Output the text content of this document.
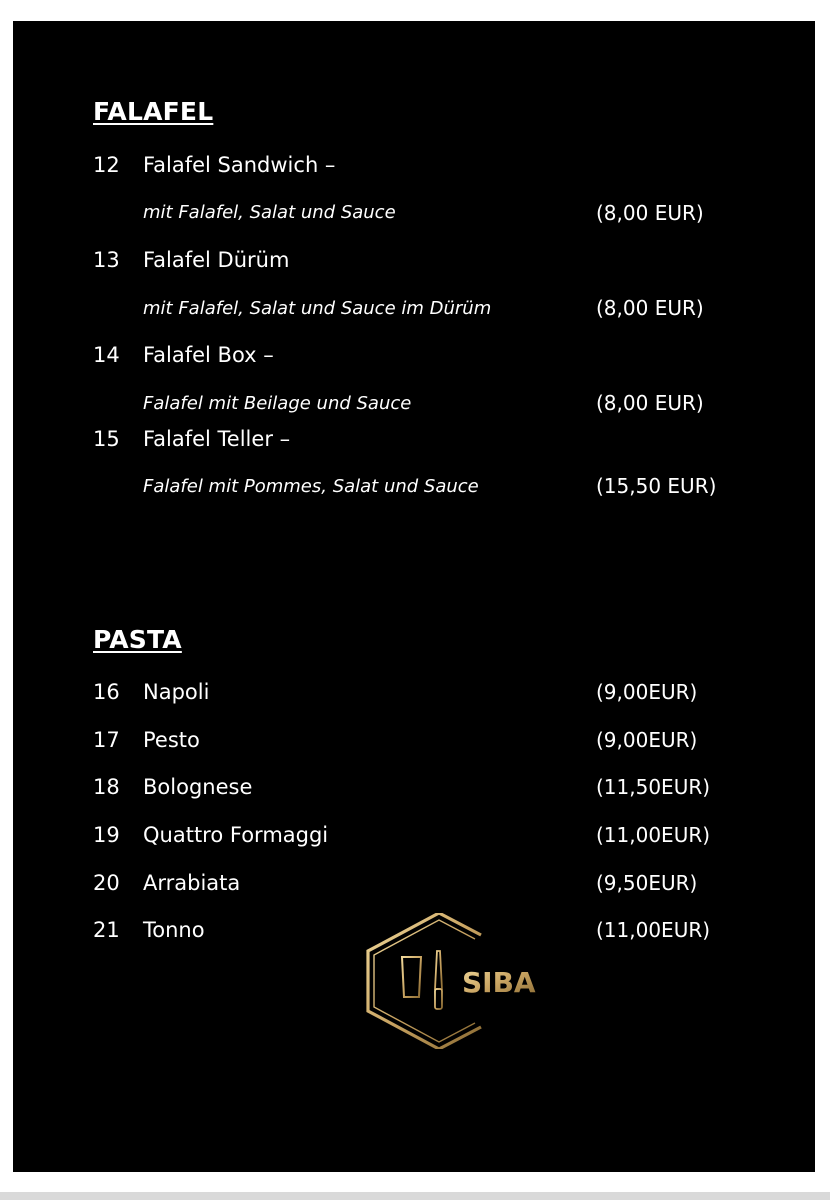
FALAFEL
12 Falafel Sandwich –
mit Falafel, Salat und Sauce	(8,00 EUR)
13 Falafel Dürüm
mit Falafel, Salat und Sauce im Dürüm	(8,00 EUR)
14 Falafel Box –
Falafel mit Beilage und Sauce	(8,00 EUR)
15 Falafel Teller –
Falafel mit Pommes, Salat und Sauce	(15,50 EUR)
PASTA
16 Napoli	(9,00EUR)
17 Pesto	(9,00EUR)
18 Bolognese	(11,50EUR)
19 Quattro Formaggi	(11,00EUR)
20 Arrabiata	(9,50EUR)
21 Tonno	(11,00EUR)
SIBA
